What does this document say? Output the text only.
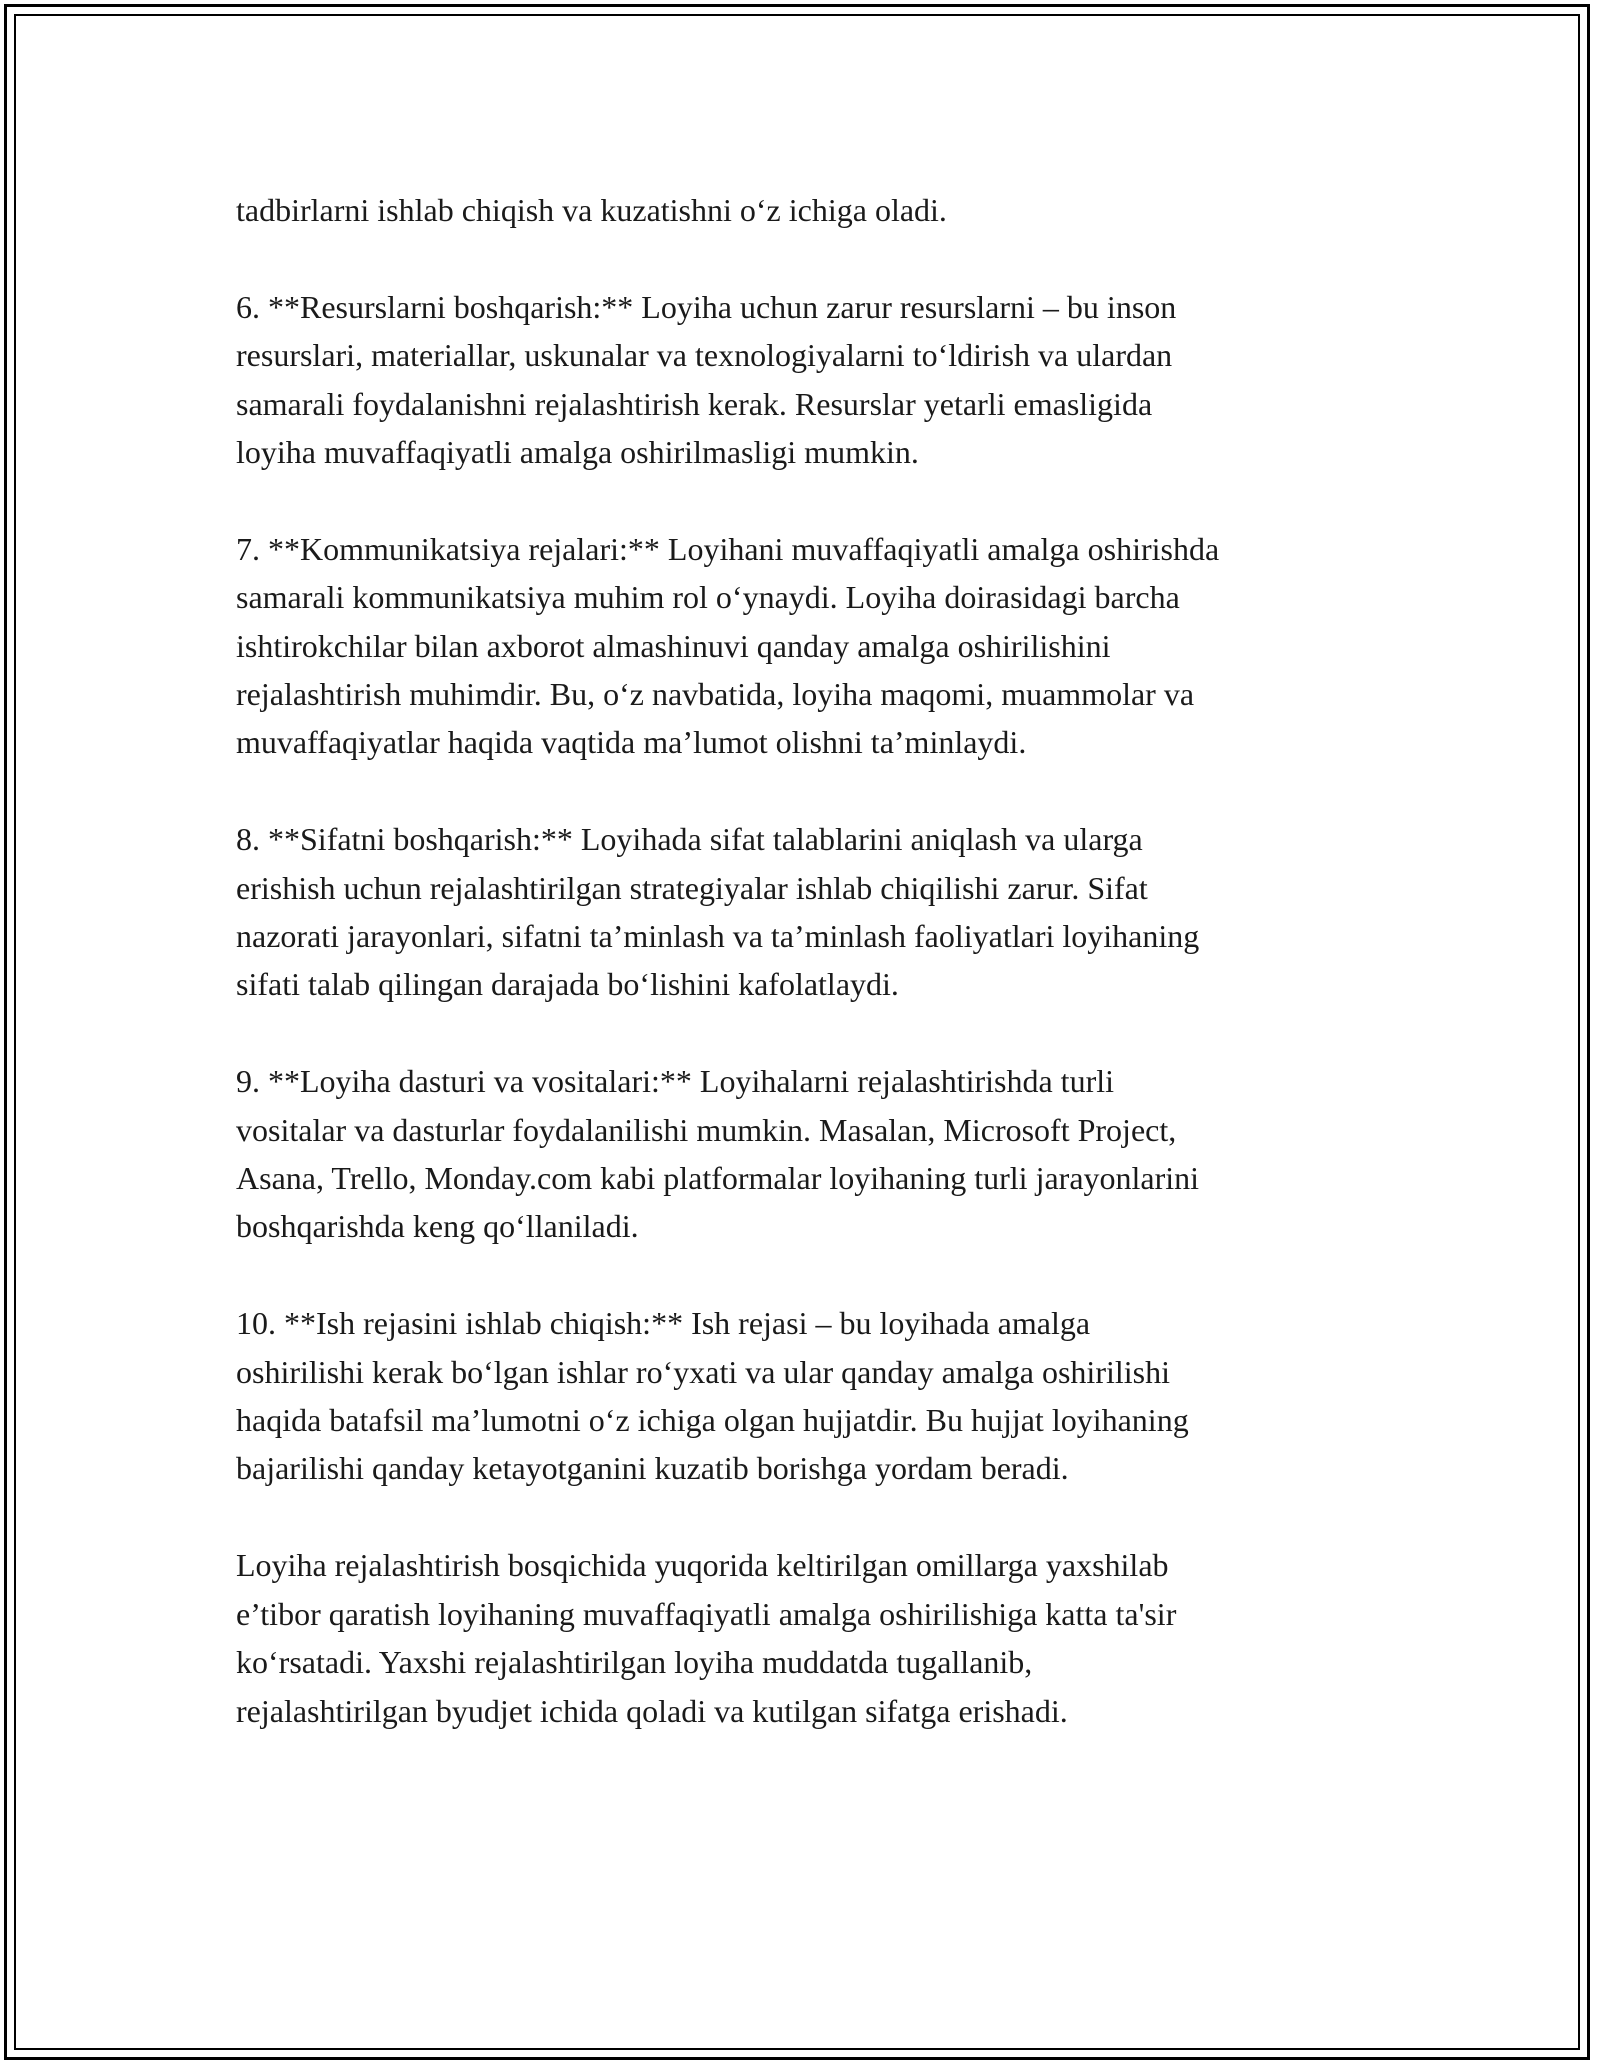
tadbirlarni ishlab chiqish va kuzatishni o‘z ichiga oladi.

6. **Resurslarni boshqarish:** Loyiha uchun zarur resurslarni – bu inson
resurslari, materiallar, uskunalar va texnologiyalarni to‘ldirish va ulardan
samarali foydalanishni rejalashtirish kerak. Resurslar yetarli emasligida
loyiha muvaffaqiyatli amalga oshirilmasligi mumkin.

7. **Kommunikatsiya rejalari:** Loyihani muvaffaqiyatli amalga oshirishda
samarali kommunikatsiya muhim rol o‘ynaydi. Loyiha doirasidagi barcha
ishtirokchilar bilan axborot almashinuvi qanday amalga oshirilishini
rejalashtirish muhimdir. Bu, o‘z navbatida, loyiha maqomi, muammolar va
muvaffaqiyatlar haqida vaqtida ma’lumot olishni ta’minlaydi.

8. **Sifatni boshqarish:** Loyihada sifat talablarini aniqlash va ularga
erishish uchun rejalashtirilgan strategiyalar ishlab chiqilishi zarur. Sifat
nazorati jarayonlari, sifatni ta’minlash va ta’minlash faoliyatlari loyihaning
sifati talab qilingan darajada bo‘lishini kafolatlaydi.

9. **Loyiha dasturi va vositalari:** Loyihalarni rejalashtirishda turli
vositalar va dasturlar foydalanilishi mumkin. Masalan, Microsoft Project,
Asana, Trello, Monday.com kabi platformalar loyihaning turli jarayonlarini
boshqarishda keng qo‘llaniladi.

10. **Ish rejasini ishlab chiqish:** Ish rejasi – bu loyihada amalga
oshirilishi kerak bo‘lgan ishlar ro‘yxati va ular qanday amalga oshirilishi
haqida batafsil ma’lumotni o‘z ichiga olgan hujjatdir. Bu hujjat loyihaning
bajarilishi qanday ketayotganini kuzatib borishga yordam beradi.

Loyiha rejalashtirish bosqichida yuqorida keltirilgan omillarga yaxshilab
e’tibor qaratish loyihaning muvaffaqiyatli amalga oshirilishiga katta ta'sir
ko‘rsatadi. Yaxshi rejalashtirilgan loyiha muddatda tugallanib,
rejalashtirilgan byudjet ichida qoladi va kutilgan sifatga erishadi.
